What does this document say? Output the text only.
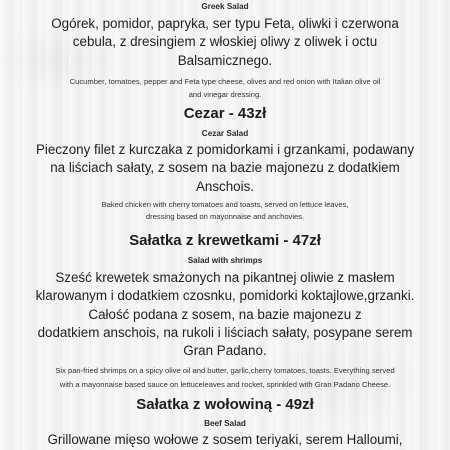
Greek Salad

Ogórek, pomidor, papryka, ser typu Feta, oliwki i czerwona
cebula, z dresingiem z włoskiej oliwy z oliwek i octu
Balsamicznego.

Cucumber, tomatoes, pepper and Feta type cheese, olives and red onion with Italian olive oil
and vinegar dressing.

Cezar - 43zł

Cezar Salad

Pieczony filet z kurczaka z pomidorkami i grzankami, podawany
na liściach sałaty, z sosem na bazie majonezu z dodatkiem
Anschois.

Baked chicken with cherry tomatoes and toasts, served on lettuce leaves,
dressing based on mayonnaise and anchovies.

Sałatka z krewetkami - 47zł

Salad with shrimps

Sześć krewetek smażonych na pikantnej oliwie z masłem
klarowanym i dodatkiem czosnku, pomidorki koktajlowe,grzanki.
Całość podana z sosem, na bazie majonezu z
dodatkiem anschois, na rukoli i liściach sałaty, posypane serem
Gran Padano.

Six pan-fried shrimps on a spicy olive oil and butter, garlic,cherry tomatoes, toasts. Everything served
with a mayonnaise based sauce on lettuceleaves and rocket, sprinkled with Gran Padano Cheese.

Sałatka z wołowiną - 49zł

Beef Salad

Grillowane mięso wołowe z sosem teriyaki, serem Halloumi,
